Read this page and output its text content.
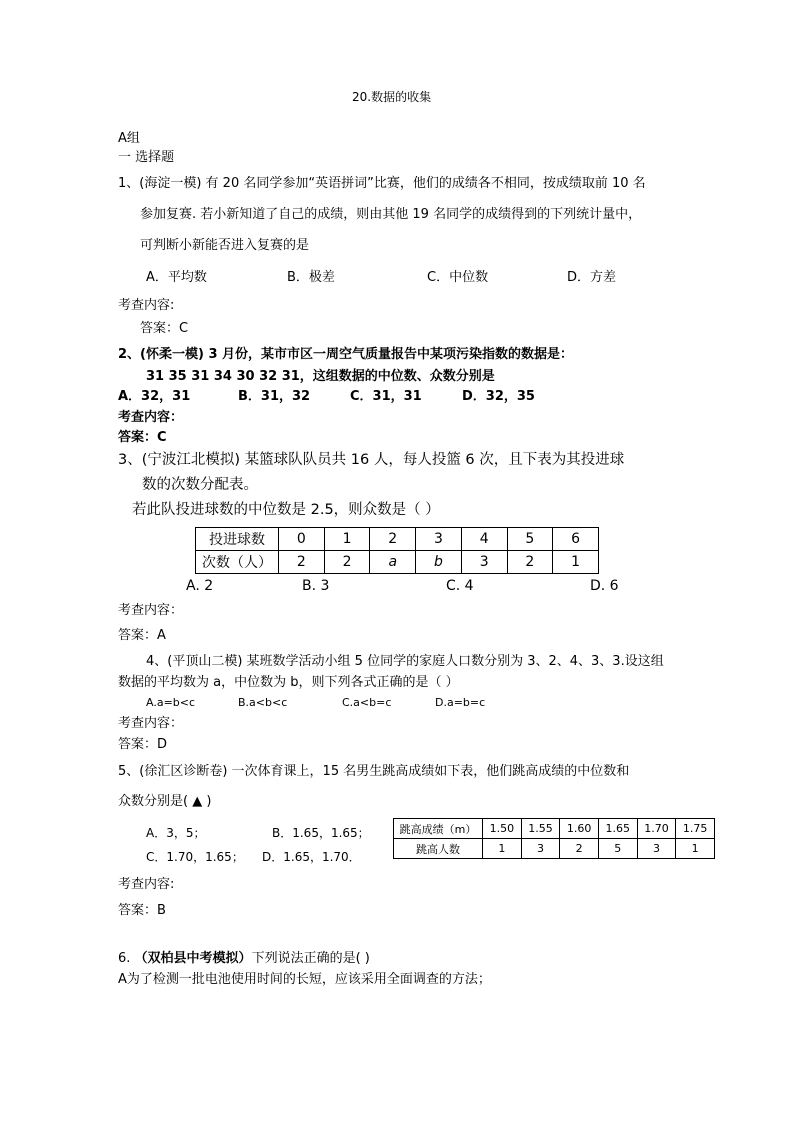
20.数据的收集
A组
一 选择题
1、(海淀一模) 有 20 名同学参加“英语拼词”比赛，他们的成绩各不相同，按成绩取前 10 名
参加复赛. 若小新知道了自己的成绩，则由其他 19 名同学的成绩得到的下列统计量中，
可判断小新能否进入复赛的是
A．平均数	B．极差	C．中位数	D．方差
考查内容:
答案：C
2、(怀柔一模) 3 月份，某市市区一周空气质量报告中某项污染指数的数据是：
31 35 31 34 30 32 31，这组数据的中位数、众数分别是
A．32，31	B．31，32	C．31，31	D．32，35
考查内容：
答案：C
3、(宁波江北模拟) 某篮球队队员共 16 人，每人投篮 6 次，且下表为其投进球
数的次数分配表。
若此队投进球数的中位数是 2.5，则众数是（ ）
投进球数	0	1	2	3	4	5	6
次数（人）	2	2	a	b	3	2	1
A. 2	B. 3	C. 4	D. 6
考查内容：
答案：A
4、(平顶山二模) 某班数学活动小组 5 位同学的家庭人口数分别为 3、2、4、3、3.设这组
数据的平均数为 a，中位数为 b，则下列各式正确的是（ ）
A.a=b<c	B.a<b<c	C.a<b=c	D.a=b=c
考查内容：
答案：D
5、(徐汇区诊断卷) 一次体育课上，15 名男生跳高成绩如下表，他们跳高成绩的中位数和
众数分别是( ▲ )
A．3，5；	B．1.65，1.65；
C．1.70，1.65； D．1.65，1.70．
跳高成绩（m）	1.50	1.55	1.60	1.65	1.70	1.75
跳高人数	1	3	2	5	3	1
考查内容:
答案：B
6. （双柏县中考模拟）下列说法正确的是( )
A为了检测一批电池使用时间的长短，应该采用全面调查的方法；
